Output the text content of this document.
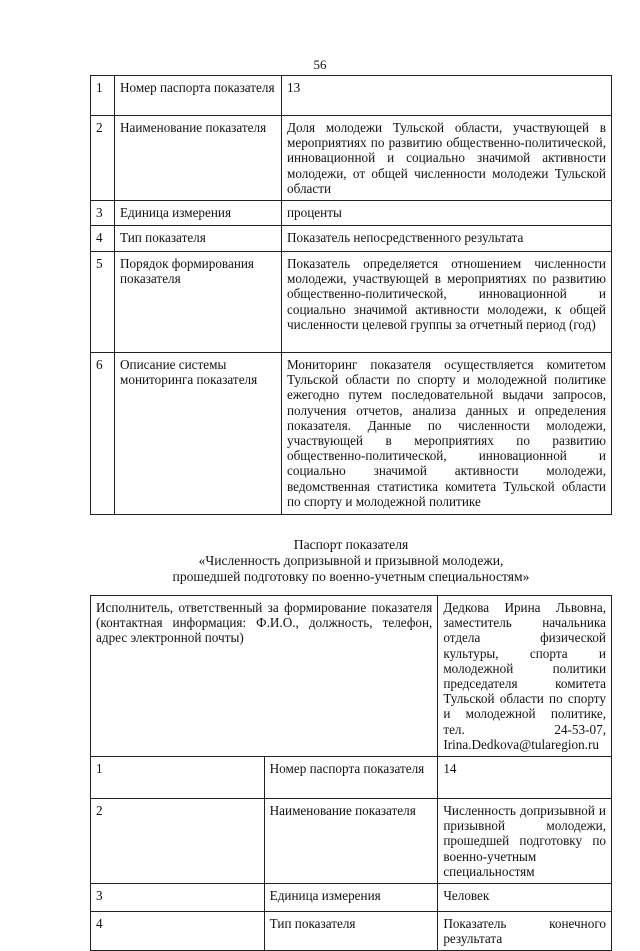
56
1	Номер паспорта показателя	13
2	Наименование показателя	Доля молодежи Тульской области, участвующей в мероприятиях по развитию общественно-политической, инновационной и социально значимой активности молодежи, от общей численности молодежи Тульской области
3	Единица измерения	проценты
4	Тип показателя	Показатель непосредственного результата
5	Порядок формирования показателя	Показатель определяется отношением численности молодежи, участвующей в мероприятиях по развитию общественно-политической, инновационной и социально значимой активности молодежи, к общей численности целевой группы за отчетный период (год)
6	Описание системы мониторинга показателя	Мониторинг показателя осуществляется комитетом Тульской области по спорту и молодежной политике ежегодно путем последовательной выдачи запросов, получения отчетов, анализа данных и определения показателя. Данные по численности молодежи, участвующей в мероприятиях по развитию общественно-политической, инновационной и социально значимой активности молодежи, ведомственная статистика комитета Тульской области по спорту и молодежной политике
Паспорт показателя
«Численность допризывной и призывной молодежи,
прошедшей подготовку по военно-учетным специальностям»
Исполнитель, ответственный за формирование показателя (контактная информация: Ф.И.О., должность, телефон, адрес электронной почты)		Дедкова Ирина Львовна, заместитель начальника отдела физической культуры, спорта и молодежной политики председателя комитета Тульской области по спорту и молодежной политике, тел. 24-53-07, Irina.Dedkova@tularegion.ru
1	Номер паспорта показателя	14
2	Наименование показателя	Численность допризывной и призывной молодежи, прошедшей подготовку по военно-учетным специальностям
3	Единица измерения	Человек
4	Тип показателя	Показатель конечного результата
